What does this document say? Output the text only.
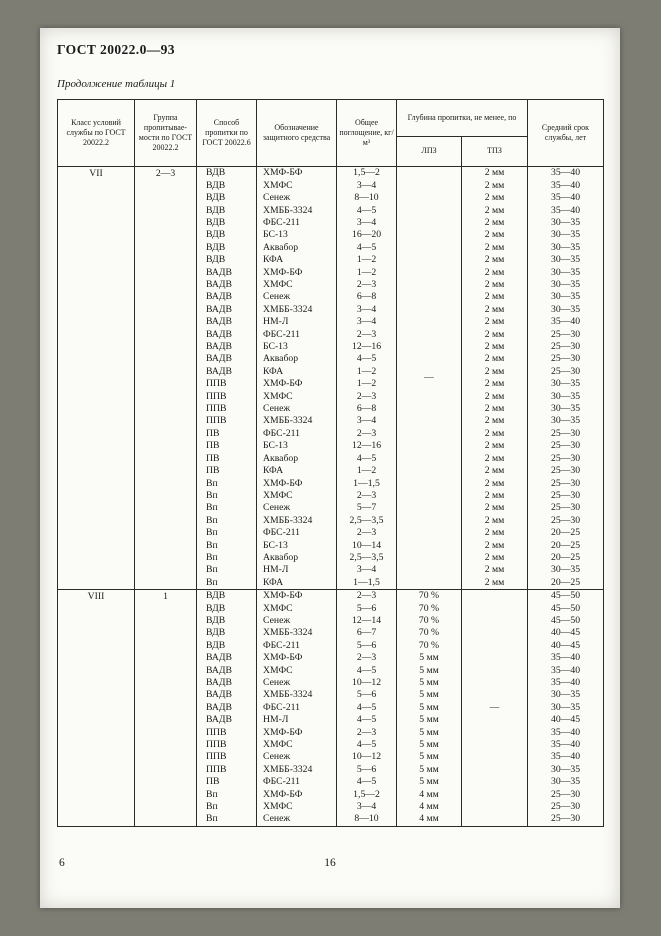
ГОСТ 20022.0—93
Продолжение таблицы 1
Класс условий службы по ГОСТ 20022.2
Группа пропитывае-мости по ГОСТ 20022.2
Способ пропитки по ГОСТ 20022.6
Обозначение защитного средства
Общее поглощение, кг/м³
Глубина пропитки, не менее, по
ЛПЗ	ТПЗ
Средний срок службы, лет
VII	2—3
—
ВДВ	ХМФ-БФ	1,5—2	2 мм	35—40
ВДВ	ХМФС	3—4	2 мм	35—40
ВДВ	Сенеж	8—10	2 мм	35—40
ВДВ	ХМББ-3324	4—5	2 мм	35—40
ВДВ	ФБС-211	3—4	2 мм	30—35
ВДВ	БС-13	16—20	2 мм	30—35
ВДВ	Аквабор	4—5	2 мм	30—35
ВДВ	КФА	1—2	2 мм	30—35
ВАДВ	ХМФ-БФ	1—2	2 мм	30—35
ВАДВ	ХМФС	2—3	2 мм	30—35
ВАДВ	Сенеж	6—8	2 мм	30—35
ВАДВ	ХМББ-3324	3—4	2 мм	30—35
ВАДВ	НМ-Л	3—4	2 мм	35—40
ВАДВ	ФБС-211	2—3	2 мм	25—30
ВАДВ	БС-13	12—16	2 мм	25—30
ВАДВ	Аквабор	4—5	2 мм	25—30
ВАДВ	КФА	1—2	2 мм	25—30
ППВ	ХМФ-БФ	1—2	2 мм	30—35
ППВ	ХМФС	2—3	2 мм	30—35
ППВ	Сенеж	6—8	2 мм	30—35
ППВ	ХМББ-3324	3—4	2 мм	30—35
ПВ	ФБС-211	2—3	2 мм	25—30
ПВ	БС-13	12—16	2 мм	25—30
ПВ	Аквабор	4—5	2 мм	25—30
ПВ	КФА	1—2	2 мм	25—30
Вп	ХМФ-БФ	1—1,5	2 мм	25—30
Вп	ХМФС	2—3	2 мм	25—30
Вп	Сенеж	5—7	2 мм	25—30
Вп	ХМББ-3324	2,5—3,5	2 мм	25—30
Вп	ФБС-211	2—3	2 мм	20—25
Вп	БС-13	10—14	2 мм	20—25
Вп	Аквабор	2,5—3,5	2 мм	20—25
Вп	НМ-Л	3—4	2 мм	30—35
Вп	КФА	1—1,5	2 мм	20—25
VIII	1
—
ВДВ	ХМФ-БФ	2—3	70 %	45—50
ВДВ	ХМФС	5—6	70 %	45—50
ВДВ	Сенеж	12—14	70 %	45—50
ВДВ	ХМББ-3324	6—7	70 %	40—45
ВДВ	ФБС-211	5—6	70 %	40—45
ВАДВ	ХМФ-БФ	2—3	5 мм	35—40
ВАДВ	ХМФС	4—5	5 мм	35—40
ВАДВ	Сенеж	10—12	5 мм	35—40
ВАДВ	ХМББ-3324	5—6	5 мм	30—35
ВАДВ	ФБС-211	4—5	5 мм	30—35
ВАДВ	НМ-Л	4—5	5 мм	40—45
ППВ	ХМФ-БФ	2—3	5 мм	35—40
ППВ	ХМФС	4—5	5 мм	35—40
ППВ	Сенеж	10—12	5 мм	35—40
ППВ	ХМББ-3324	5—6	5 мм	30—35
ПВ	ФБС-211	4—5	5 мм	30—35
Вп	ХМФ-БФ	1,5—2	4 мм	25—30
Вп	ХМФС	3—4	4 мм	25—30
Вп	Сенеж	8—10	4 мм	25—30
6	16
